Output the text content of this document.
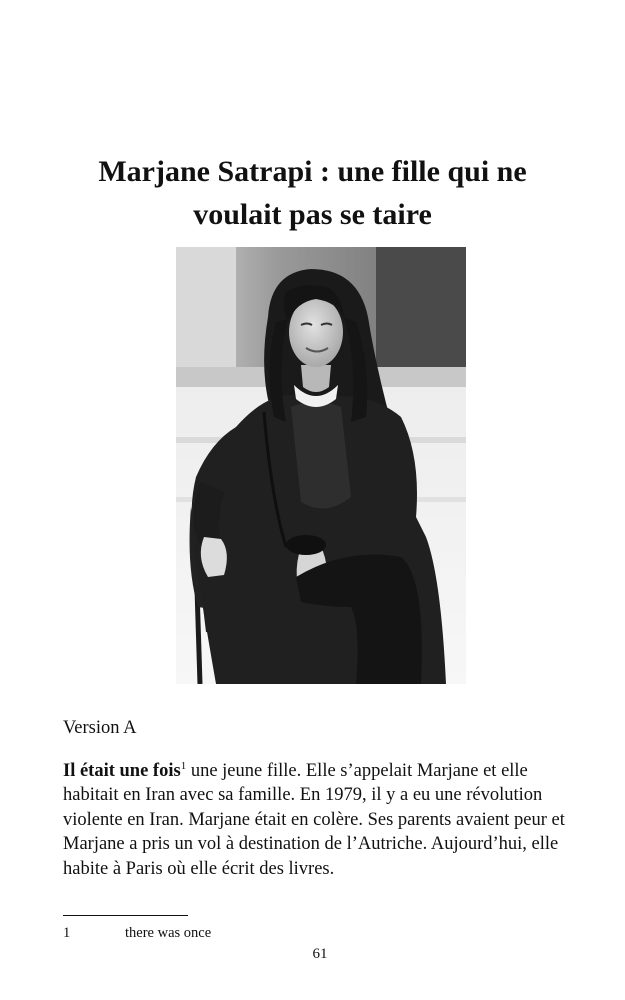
Marjane Satrapi : une fille qui ne
voulait pas se taire
Version A

Il était une fois$^1$ une jeune fille. Elle s’appelait Marjane et elle habitait en Iran avec sa famille. En 1979, il y a eu une révolution violente en Iran. Marjane était en colère. Ses parents avaient peur et Marjane a pris un vol à destination de l’Autriche. Aujourd’hui, elle habite à Paris où elle écrit des livres.

1	there was once
61
